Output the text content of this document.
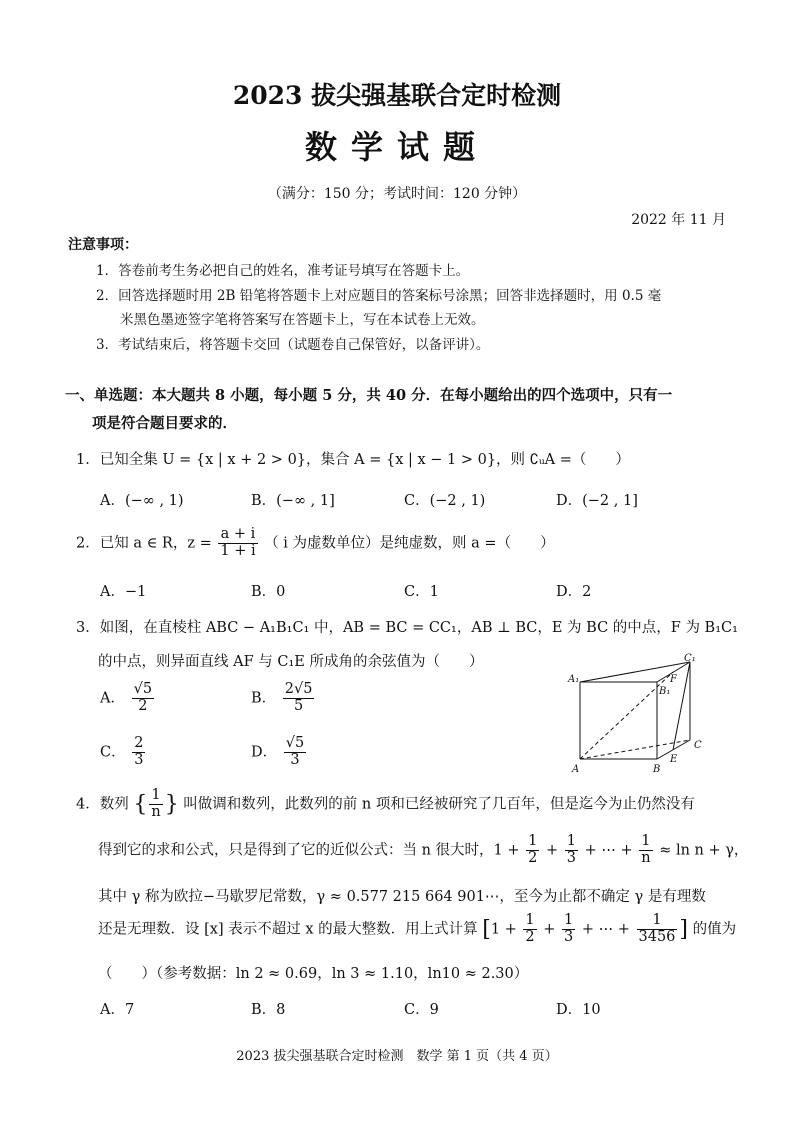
2023 拔尖强基联合定时检测
数学试题
（满分：150 分；考试时间：120 分钟）
2022 年 11 月
注意事项：
1．答卷前考生务必把自己的姓名，准考证号填写在答题卡上。
2．回答选择题时用 2B 铅笔将答题卡上对应题目的答案标号涂黑；回答非选择题时，用 0.5 毫
米黑色墨迹签字笔将答案写在答题卡上，写在本试卷上无效。
3．考试结束后，将答题卡交回（试题卷自己保管好，以备评讲）。
一、单选题：本大题共 8 小题，每小题 5 分，共 40 分．在每小题给出的四个选项中，只有一
项是符合题目要求的．
1．已知全集 U = {x | x + 2 > 0}，集合 A = {x | x − 1 > 0}，则 ∁ᵤA =（　　）
A．(−∞ , 1)	B．(−∞ , 1]	C．(−2 , 1)	D．(−2 , 1]
2．已知 a ∈ R，$z = \frac{a + i}{1 + i}$ （ i 为虚数单位）是纯虚数，则 a =（　　）
A．−1	B．0	C．1	D．2
3．如图，在直棱柱 ABC − A₁B₁C₁ 中，AB = BC = CC₁，AB ⊥ BC，E 为 BC 的中点，F 为 B₁C₁
的中点，则异面直线 AF 与 C₁E 所成角的余弦值为（　　）
A． $\frac{√5}{2}$	B． $\frac{2√5}{5}$
C． $\frac{2}{3}$	D． $\frac{√5}{3}$
A₁
B₁
C₁
F
A	B
E
C
4．数列 { $\frac{1}{n}$ } 叫做调和数列，此数列的前 n 项和已经被研究了几百年，但是迄今为止仍然没有
得到它的求和公式，只是得到了它的近似公式：当 n 很大时，$1 + \frac{1}{2} + \frac{1}{3}$ + ⋯ + $\frac{1}{n} \approx \ln n + \gamma$，
其中 γ 称为欧拉−马歇罗尼常数，γ ≈ 0.577 215 664 901⋯，至今为止都不确定 γ 是有理数
还是无理数．设 [x] 表示不超过 x 的最大整数．用上式计算 [$1 + \frac{1}{2} + \frac{1}{3}$ + ⋯ + $\frac{1}{3456}$ ] 的值为
（　　）（参考数据：ln 2 ≈ 0.69，ln 3 ≈ 1.10，ln10 ≈ 2.30）
A．7	B．8	C．9	D．10
2023 拔尖强基联合定时检测　数学 第 1 页（共 4 页）
